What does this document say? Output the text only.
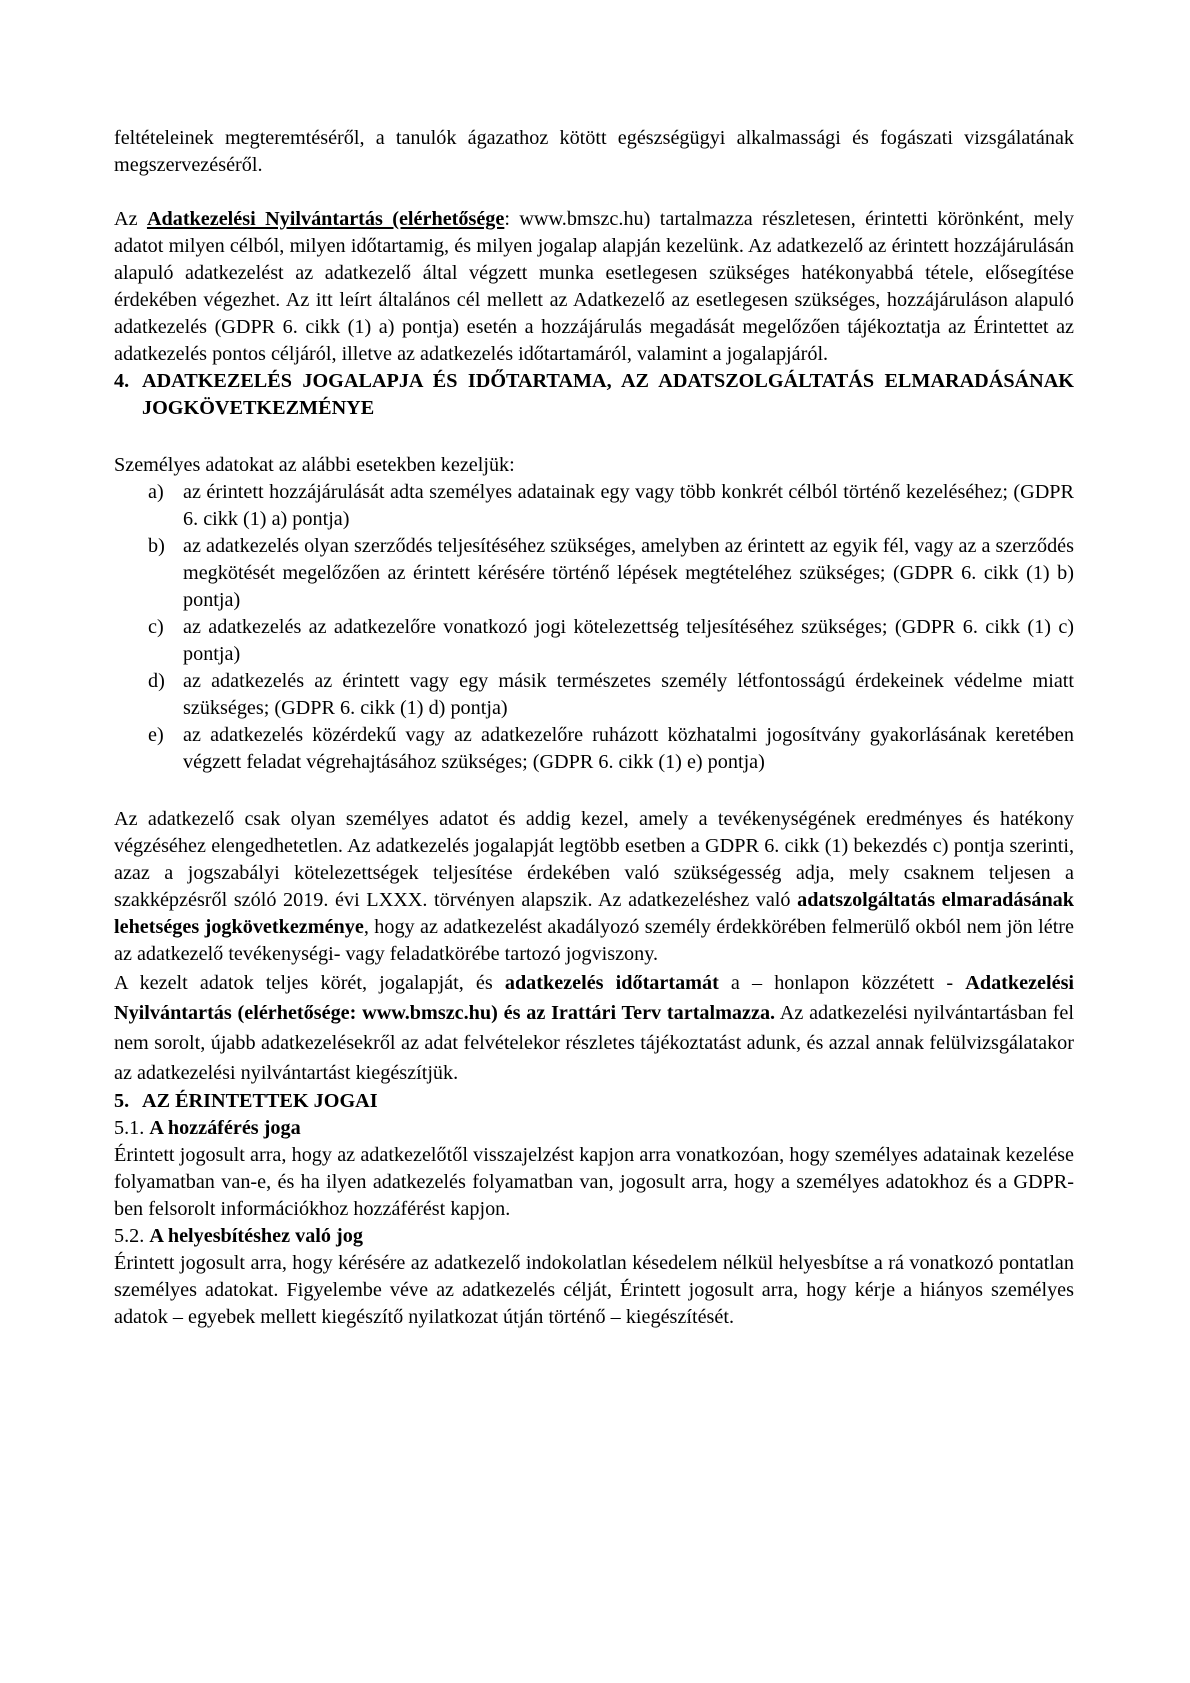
feltételeinek megteremtéséről, a tanulók ágazathoz kötött egészségügyi alkalmassági és fogászati vizsgálatának megszervezéséről.

Az Adatkezelési Nyilvántartás (elérhetősége: www.bmszc.hu) tartalmazza részletesen, érintetti körönként, mely adatot milyen célból, milyen időtartamig, és milyen jogalap alapján kezelünk. Az adatkezelő az érintett hozzájárulásán alapuló adatkezelést az adatkezelő által végzett munka esetlegesen szükséges hatékonyabbá tétele, elősegítése érdekében végezhet. Az itt leírt általános cél mellett az Adatkezelő az esetlegesen szükséges, hozzájáruláson alapuló adatkezelés (GDPR 6. cikk (1) a) pontja) esetén a hozzájárulás megadását megelőzően tájékoztatja az Érintettet az adatkezelés pontos céljáról, illetve az adatkezelés időtartamáról, valamint a jogalapjáról.

4. ADATKEZELÉS JOGALAPJA ÉS IDŐTARTAMA, AZ ADATSZOLGÁLTATÁS ELMARADÁSÁNAK JOGKÖVETKEZMÉNYE

Személyes adatokat az alábbi esetekben kezeljük:

a) az érintett hozzájárulását adta személyes adatainak egy vagy több konkrét célból történő kezeléséhez; (GDPR 6. cikk (1) a) pontja)
b) az adatkezelés olyan szerződés teljesítéséhez szükséges, amelyben az érintett az egyik fél, vagy az a szerződés megkötését megelőzően az érintett kérésére történő lépések megtételéhez szükséges; (GDPR 6. cikk (1) b) pontja)
c) az adatkezelés az adatkezelőre vonatkozó jogi kötelezettség teljesítéséhez szükséges; (GDPR 6. cikk (1) c) pontja)
d) az adatkezelés az érintett vagy egy másik természetes személy létfontosságú érdekeinek védelme miatt szükséges; (GDPR 6. cikk (1) d) pontja)
e) az adatkezelés közérdekű vagy az adatkezelőre ruházott közhatalmi jogosítvány gyakorlásának keretében végzett feladat végrehajtásához szükséges; (GDPR 6. cikk (1) e) pontja)

Az adatkezelő csak olyan személyes adatot és addig kezel, amely a tevékenységének eredményes és hatékony végzéséhez elengedhetetlen. Az adatkezelés jogalapját legtöbb esetben a GDPR 6. cikk (1) bekezdés c) pontja szerinti, azaz a jogszabályi kötelezettségek teljesítése érdekében való szükségesség adja, mely csaknem teljesen a szakképzésről szóló 2019. évi LXXX. törvényen alapszik. Az adatkezeléshez való adatszolgáltatás elmaradásának lehetséges jogkövetkezménye, hogy az adatkezelést akadályozó személy érdekkörében felmerülő okból nem jön létre az adatkezelő tevékenységi- vagy feladatkörébe tartozó jogviszony.

A kezelt adatok teljes körét, jogalapját, és adatkezelés időtartamát a – honlapon közzétett - Adatkezelési Nyilvántartás (elérhetősége: www.bmszc.hu) és az Irattári Terv tartalmazza. Az adatkezelési nyilvántartásban fel nem sorolt, újabb adatkezelésekről az adat felvételekor részletes tájékoztatást adunk, és azzal annak felülvizsgálatakor az adatkezelési nyilvántartást kiegészítjük.

5. AZ ÉRINTETTEK JOGAI

5.1. A hozzáférés joga

Érintett jogosult arra, hogy az adatkezelőtől visszajelzést kapjon arra vonatkozóan, hogy személyes adatainak kezelése folyamatban van-e, és ha ilyen adatkezelés folyamatban van, jogosult arra, hogy a személyes adatokhoz és a GDPR-ben felsorolt információkhoz hozzáférést kapjon.

5.2. A helyesbítéshez való jog

Érintett jogosult arra, hogy kérésére az adatkezelő indokolatlan késedelem nélkül helyesbítse a rá vonatkozó pontatlan személyes adatokat. Figyelembe véve az adatkezelés célját, Érintett jogosult arra, hogy kérje a hiányos személyes adatok – egyebek mellett kiegészítő nyilatkozat útján történő – kiegészítését.
